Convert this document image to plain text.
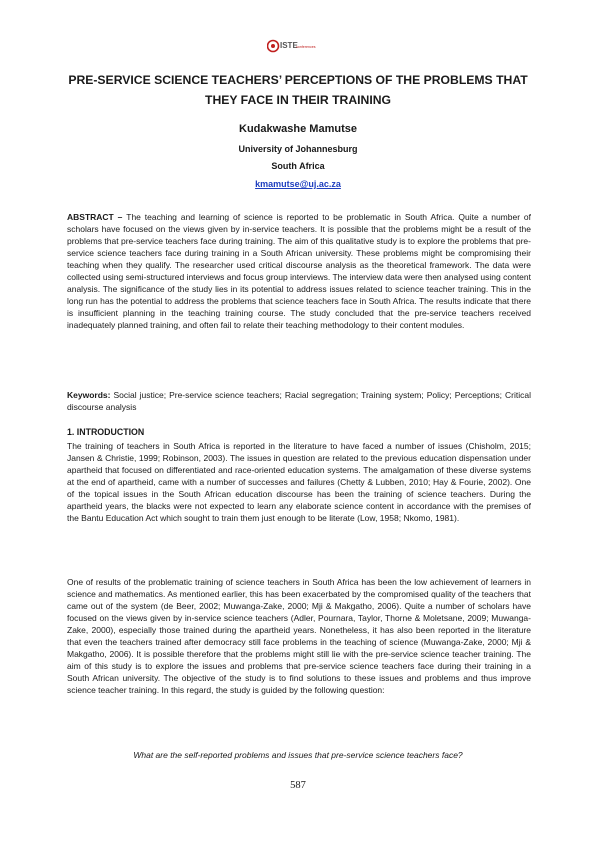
ISTE
conferences
PRE-SERVICE SCIENCE TEACHERS’ PERCEPTIONS OF THE PROBLEMS THAT THEY FACE IN THEIR TRAINING
Kudakwashe Mamutse
University of Johannesburg
South Africa
kmamutse@uj.ac.za

ABSTRACT – The teaching and learning of science is reported to be problematic in South Africa. Quite a number of scholars have focused on the views given by in-service teachers. It is possible that the problems might be a result of the problems that pre-service teachers face during training. The aim of this qualitative study is to explore the problems that pre-service science teachers face during training in a South African university. These problems might be compromising their teaching when they qualify. The researcher used critical discourse analysis as the theoretical framework. The data were collected using semi-structured interviews and focus group interviews. The interview data were then analysed using content analysis. The significance of the study lies in its potential to address issues related to science teacher training. This in the long run has the potential to address the problems that science teachers face in South Africa. The results indicate that there is insufficient planning in the teaching training course. The study concluded that the pre-service teachers received inadequately planned training, and often fail to relate their teaching methodology to their content modules.

Keywords: Social justice; Pre-service science teachers; Racial segregation; Training system; Policy; Perceptions; Critical discourse analysis

1. INTRODUCTION

The training of teachers in South Africa is reported in the literature to have faced a number of issues (Chisholm, 2015; Jansen & Christie, 1999; Robinson, 2003). The issues in question are related to the previous education dispensation under apartheid that focused on differentiated and race-oriented education systems. The amalgamation of these diverse systems at the end of apartheid, came with a number of successes and failures (Chetty & Lubben, 2010; Hay & Fourie, 2002). One of the topical issues in the South African education discourse has been the training of science teachers. During the apartheid years, the blacks were not expected to learn any elaborate science content in accordance with the premises of the Bantu Education Act which sought to train them just enough to be literate (Low, 1958; Nkomo, 1981).

One of results of the problematic training of science teachers in South Africa has been the low achievement of learners in science and mathematics. As mentioned earlier, this has been exacerbated by the compromised quality of the teachers that came out of the system (de Beer, 2002; Muwanga-Zake, 2000; Mji & Makgatho, 2006). Quite a number of scholars have focused on the views given by in-service science teachers (Adler, Pournara, Taylor, Thorne & Moletsane, 2009; Muwanga-Zake, 2000), especially those trained during the apartheid years. Nonetheless, it has also been reported in the literature that even the teachers trained after democracy still face problems in the teaching of science (Muwanga-Zake, 2000; Mji & Makgatho, 2006). It is possible therefore that the problems might still lie with the pre-service science teacher training. The aim of this study is to explore the issues and problems that pre-service science teachers face during their training in a South African university. The objective of the study is to find solutions to these issues and problems and thus improve science teacher training. In this regard, the study is guided by the following question:

What are the self-reported problems and issues that pre-service science teachers face?
587
